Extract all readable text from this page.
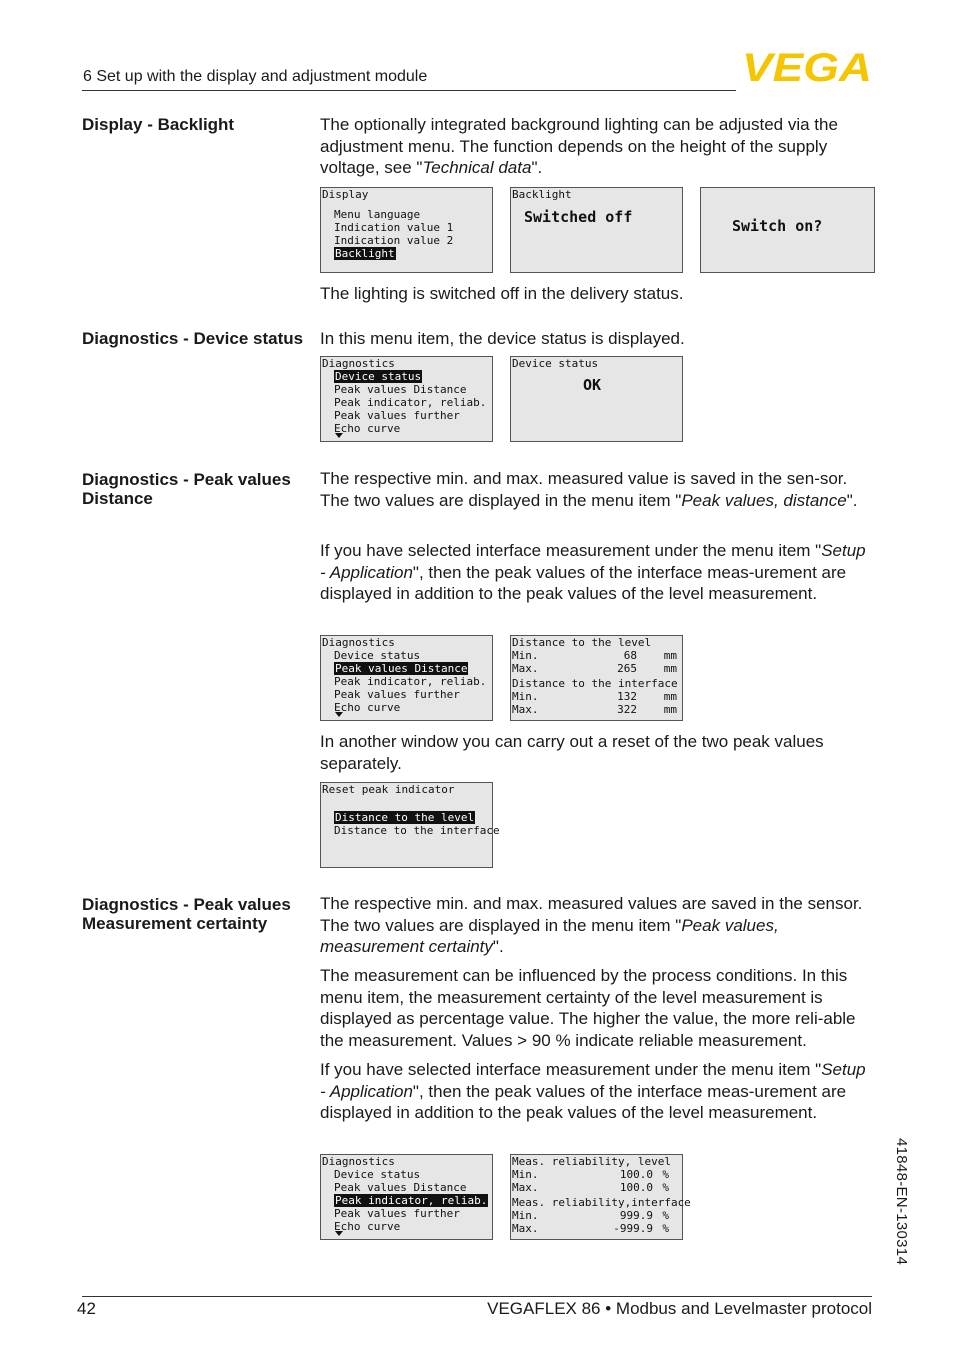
6 Set up with the display and adjustment module	VEGA
Display - Backlight	The optionally integrated background lighting can be adjusted via the adjustment menu. The function depends on the height of the supply voltage, see "Technical data".

Display
Menu language
Indication value 1
Indication value 2
Backlight
Backlight
Switched off	Switch on?

The lighting is switched off in the delivery status.

Diagnostics - Device status In this menu item, the device status is displayed.

Diagnostics
Device status
Peak values Distance
Peak indicator, reliab.
Peak values further
Echo curve
Device status
OK
Diagnostics - Peak values Distance

The respective min. and max. measured value is saved in the sen-sor. The two values are displayed in the menu item "Peak values, distance".

If you have selected interface measurement under the menu item "Setup - Application", then the peak values of the interface meas-urement are displayed in addition to the peak values of the level measurement.

Diagnostics
Device status
Peak values Distance
Peak indicator, reliab.
Peak values further
Echo curve
Distance to the level
Min.	68	mm
Max.	265	mm
Distance to the interface
Min.	132	mm
Max.	322	mm

In another window you can carry out a reset of the two peak values separately.

Reset peak indicator
Distance to the level
Distance to the interface
Diagnostics - Peak values Measurement certainty

The respective min. and max. measured values are saved in the sensor. The two values are displayed in the menu item "Peak values, measurement certainty".

The measurement can be influenced by the process conditions. In this menu item, the measurement certainty of the level measurement is displayed as percentage value. The higher the value, the more reli-able the measurement. Values > 90 % indicate reliable measurement.

If you have selected interface measurement under the menu item "Setup - Application", then the peak values of the interface meas-urement are displayed in addition to the peak values of the level measurement.

Diagnostics
Device status
Peak values Distance
Peak indicator, reliab.
Peak values further
Echo curve
Meas. reliability, level
Min.	100.0 %
Max.	100.0 %
Meas. reliability,interface
Min.	999.9 %
Max.	-999.9 %	41848-EN-130314
42	VEGAFLEX 86 • Modbus and Levelmaster protocol
